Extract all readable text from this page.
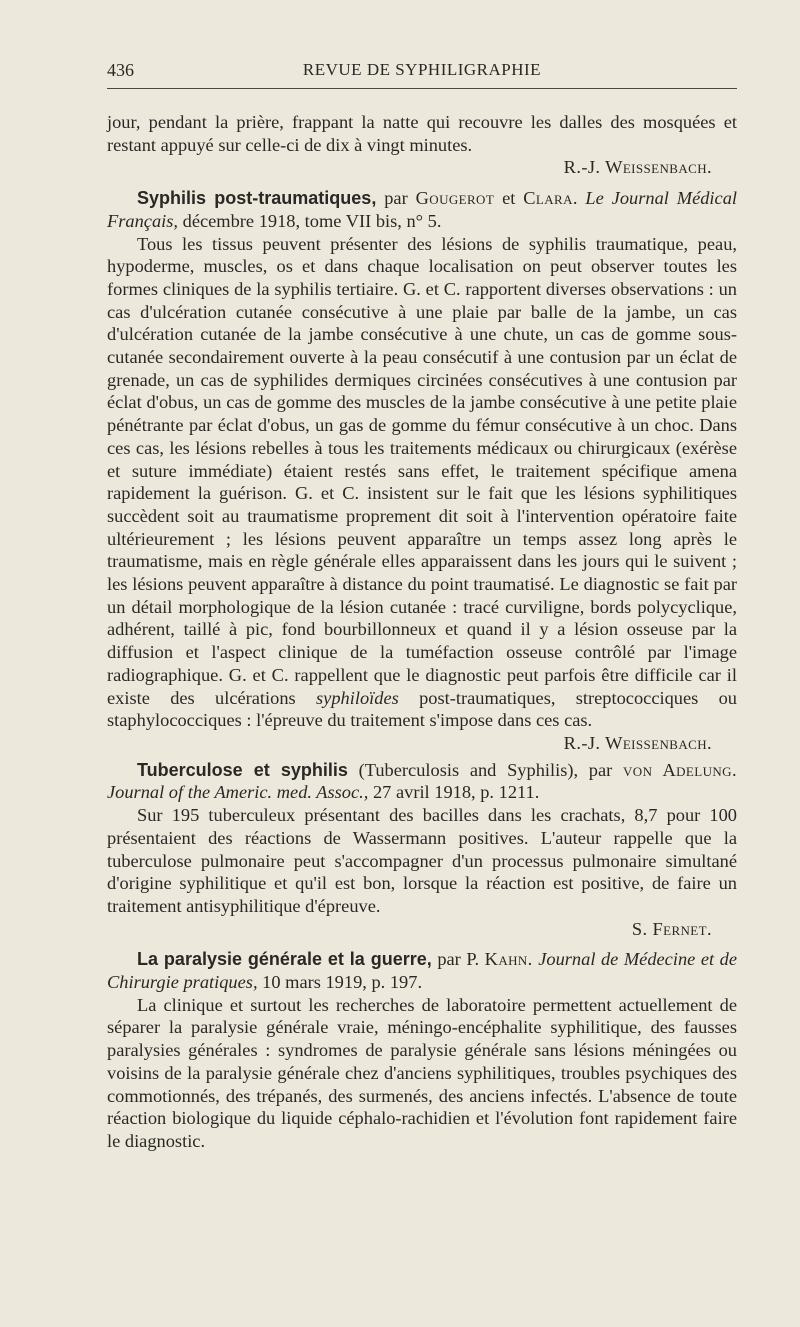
436	REVUE DE SYPHILIGRAPHIE

jour, pendant la prière, frappant la natte qui recouvre les dalles des mosquées et restant appuyé sur celle-ci de dix à vingt minutes.

R.-J. Weissenbach.

Syphilis post-traumatiques, par Gougerot et Clara. Le Journal Médical Français, décembre 1918, tome VII bis, n° 5.

Tous les tissus peuvent présenter des lésions de syphilis traumatique, peau, hypoderme, muscles, os et dans chaque localisation on peut observer toutes les formes cliniques de la syphilis tertiaire. G. et C. rapportent diverses observations : un cas d'ulcération cutanée consécutive à une plaie par balle de la jambe, un cas d'ulcération cutanée de la jambe consécutive à une chute, un cas de gomme sous-cutanée secondairement ouverte à la peau consécutif à une contusion par un éclat de grenade, un cas de syphilides dermiques circinées consécutives à une contusion par éclat d'obus, un cas de gomme des muscles de la jambe consécutive à une petite plaie pénétrante par éclat d'obus, un gas de gomme du fémur consécutive à un choc. Dans ces cas, les lésions rebelles à tous les traitements médicaux ou chirurgicaux (exérèse et suture immédiate) étaient restés sans effet, le traitement spécifique amena rapidement la guérison. G. et C. insistent sur le fait que les lésions syphilitiques succèdent soit au traumatisme proprement dit soit à l'intervention opératoire faite ultérieurement ; les lésions peuvent apparaître un temps assez long après le traumatisme, mais en règle générale elles apparaissent dans les jours qui le suivent ; les lésions peuvent apparaître à distance du point traumatisé. Le diagnostic se fait par un détail morphologique de la lésion cutanée : tracé curviligne, bords polycyclique, adhérent, taillé à pic, fond bourbillonneux et quand il y a lésion osseuse par la diffusion et l'aspect clinique de la tuméfaction osseuse contrôlé par l'image radiographique. G. et C. rappellent que le diagnostic peut parfois être difficile car il existe des ulcérations syphiloïdes post-traumatiques, streptococciques ou staphylococciques : l'épreuve du traitement s'impose dans ces cas.

R.-J. Weissenbach.

Tuberculose et syphilis (Tuberculosis and Syphilis), par von Adelung. Journal of the Americ. med. Assoc., 27 avril 1918, p. 1211.

Sur 195 tuberculeux présentant des bacilles dans les crachats, 8,7 pour 100 présentaient des réactions de Wassermann positives. L'auteur rappelle que la tuberculose pulmonaire peut s'accompagner d'un processus pulmonaire simultané d'origine syphilitique et qu'il est bon, lorsque la réaction est positive, de faire un traitement antisyphilitique d'épreuve.

S. Fernet.

La paralysie générale et la guerre, par P. Kahn. Journal de Médecine et de Chirurgie pratiques, 10 mars 1919, p. 197.

La clinique et surtout les recherches de laboratoire permettent actuellement de séparer la paralysie générale vraie, méningo-encéphalite syphilitique, des fausses paralysies générales : syndromes de paralysie générale sans lésions méningées ou voisins de la paralysie générale chez d'anciens syphilitiques, troubles psychiques des commotionnés, des trépanés, des surmenés, des anciens infectés. L'absence de toute réaction biologique du liquide céphalo-rachidien et l'évolution font rapidement faire le diagnostic.
